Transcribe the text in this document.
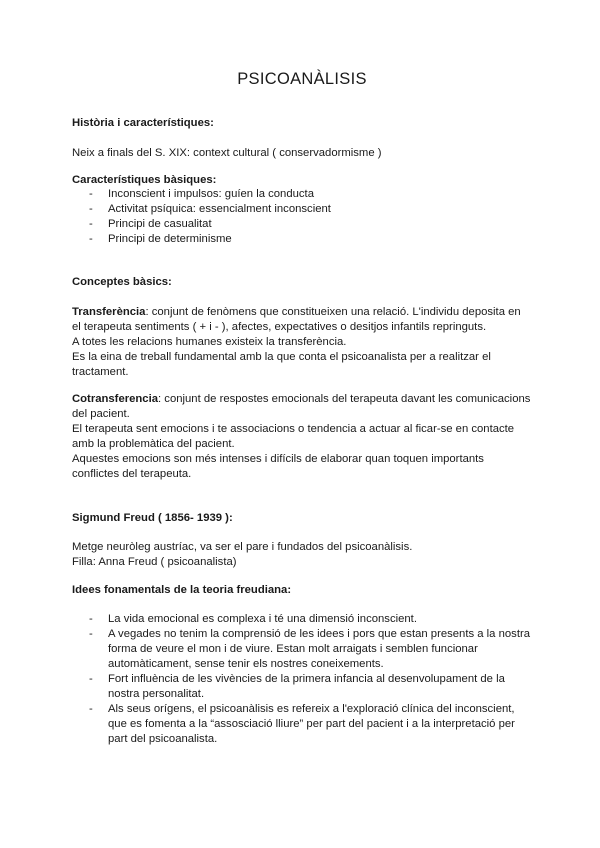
PSICOANÀLISIS
Història i característiques:
Neix a finals del S. XIX: context cultural ( conservadormisme )
Característiques bàsiques:
- Inconscient i impulsos: guíen la conducta
- Activitat psíquica: essencialment inconscient
- Principi de casualitat
- Principi de determinisme
Conceptes bàsics:

Transferència: conjunt de fenòmens que constitueixen una relació. L'individu deposita en el terapeuta sentiments ( + i - ), afectes, expectatives o desitjos infantils repringuts.

A totes les relacions humanes existeix la transferència.

Es la eina de treball fundamental amb la que conta el psicoanalista per a realitzar el tractament.

Cotransferencia: conjunt de respostes emocionals del terapeuta davant les comunicacions del pacient.

El terapeuta sent emocions i te associacions o tendencia a actuar al ficar-se en contacte amb la problemàtica del pacient.

Aquestes emocions son més intenses i difícils de elaborar quan toquen importants conflictes del terapeuta.

Sigmund Freud ( 1856- 1939 ):

Metge neuròleg austríac, va ser el pare i fundados del psicoanàlisis.

Filla: Anna Freud ( psicoanalista)

Idees fonamentals de la teoria freudiana:
- La vida emocional es complexa i té una dimensió inconscient.
- A vegades no tenim la comprensió de les idees i pors que estan presents a la nostra forma de veure el mon i de viure. Estan molt arraigats i semblen funcionar automàticament, sense tenir els nostres coneixements.
- Fort influència de les vivències de la primera infancia al desenvolupament de la nostra personalitat.
- Als seus orígens, el psicoanàlisis es refereix a l'exploració clínica del inconscient, que es fomenta a la “assosciació lliure” per part del pacient i a la interpretació per part del psicoanalista.
